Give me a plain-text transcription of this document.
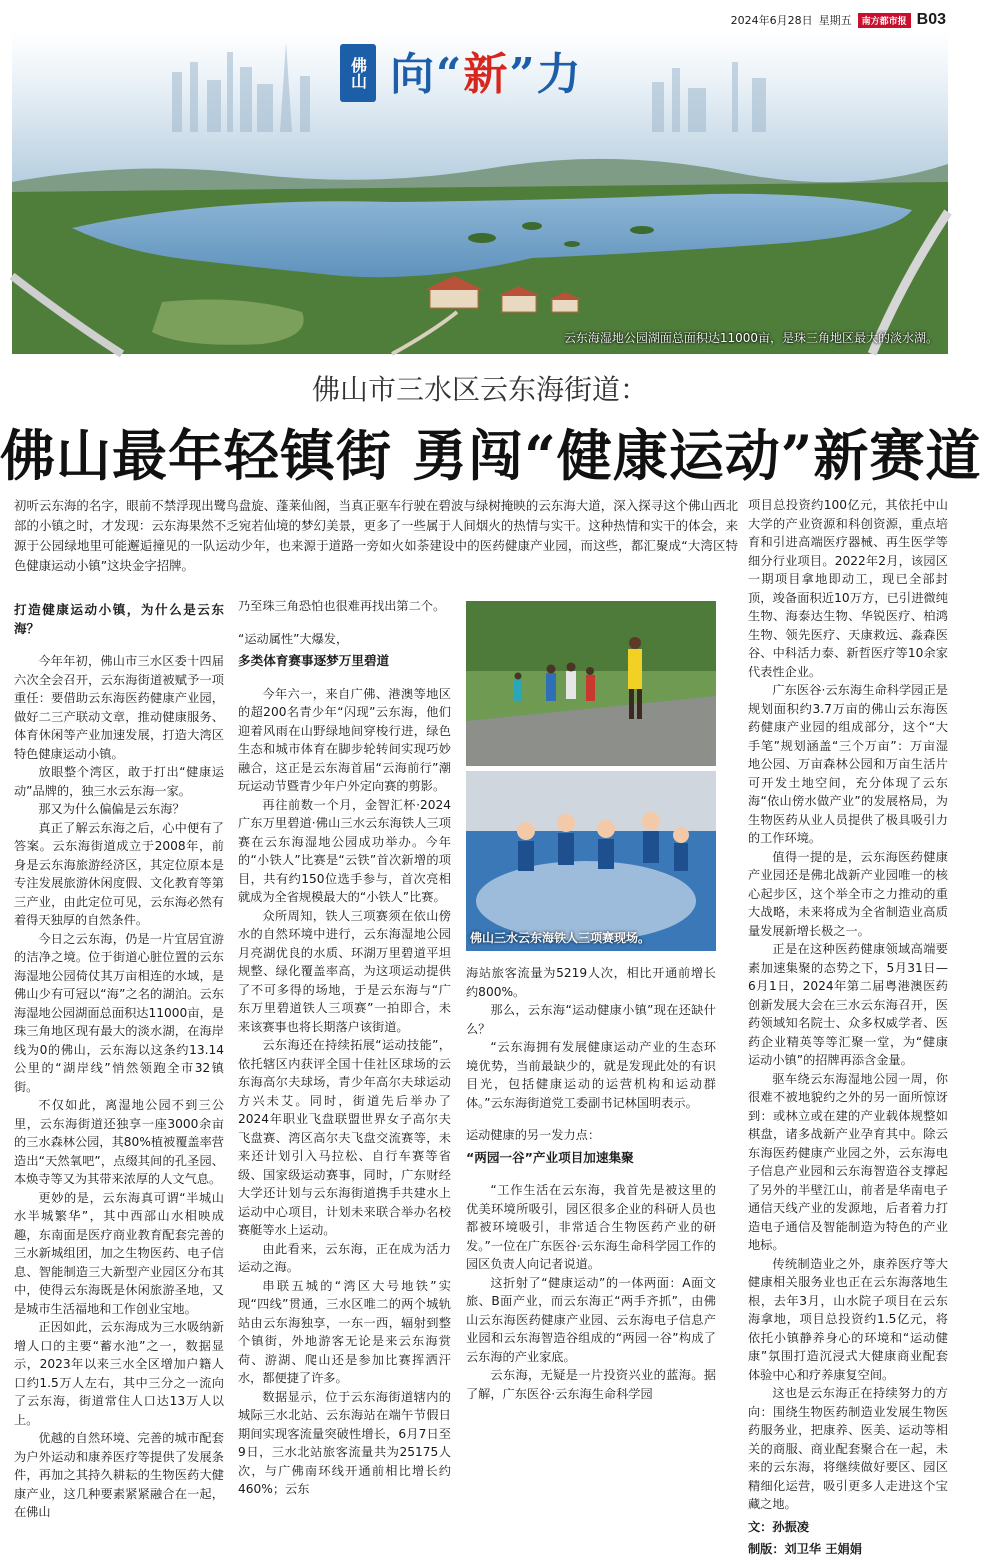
2024年6月28日 星期五	南方都市报 B03
佛山 向“新”力
云东海湿地公园湖面总面积达11000亩，是珠三角地区最大的淡水湖。
佛山市三水区云东海街道：
佛山最年轻镇街 勇闯“健康运动”新赛道
初听云东海的名字，眼前不禁浮现出鹭鸟盘旋、蓬莱仙阁，当真正驱车行驶在碧波与绿树掩映的云东海大道，深入探寻这个佛山西北部的小镇之时，才发现：云东海果然不乏宛若仙境的梦幻美景，更多了一些属于人间烟火的热情与实干。这种热情和实干的体会，来源于公园绿地里可能邂逅撞见的一队运动少年，也来源于道路一旁如火如荼建设中的医药健康产业园，而这些，都汇聚成“大湾区特色健康运动小镇”这块金字招牌。
打造健康运动小镇，为什么是云东海？

今年年初，佛山市三水区委十四届六次全会召开，云东海街道被赋予一项重任：要借助云东海医药健康产业园，做好二三产联动文章，推动健康服务、体育休闲等产业加速发展，打造大湾区特色健康运动小镇。

放眼整个湾区，敢于打出“健康运动”品牌的，独三水云东海一家。

那又为什么偏偏是云东海？

真正了解云东海之后，心中便有了答案。云东海街道成立于2008年，前身是云东海旅游经济区，其定位原本是专注发展旅游休闲度假、文化教育等第三产业，由此定位可见，云东海必然有着得天独厚的自然条件。

今日之云东海，仍是一片宜居宜游的洁净之境。位于街道心脏位置的云东海湿地公园倚仗其万亩相连的水域，是佛山少有可冠以“海”之名的湖泊。云东海湿地公园湖面总面积达11000亩，是珠三角地区现有最大的淡水湖，在海岸线为0的佛山，云东海以这条约13.14公里的“湖岸线”悄然领跑全市32镇街。

不仅如此，离湿地公园不到三公里，云东海街道还独享一座3000余亩的三水森林公园，其80%植被覆盖率营造出“天然氧吧”，点缀其间的孔圣园、本焕寺等又为其带来浓厚的人文气息。

更妙的是，云东海真可谓“半城山水半城繁华”，其中西部山水相映成趣，东南面是医疗商业教育配套完善的三水新城组团，加之生物医药、电子信息、智能制造三大新型产业园区分布其中，使得云东海既是休闲旅游圣地，又是城市生活福地和工作创业宝地。

正因如此，云东海成为三水吸纳新增人口的主要“蓄水池”之一，数据显示，2023年以来三水全区增加户籍人口约1.5万人左右，其中三分之一流向了云东海，街道常住人口达13万人以上。

优越的自然环境、完善的城市配套为户外运动和康养医疗等提供了发展条件，再加之其持久耕耘的生物医药大健康产业，这几种要素紧紧融合在一起，在佛山

乃至珠三角恐怕也很难再找出第二个。

“运动属性”大爆发，

多类体育赛事逐梦万里碧道

今年六一，来自广佛、港澳等地区的超200名青少年“闪现”云东海，他们迎着风雨在山野绿地间穿梭行进，绿色生态和城市体育在脚步轮转间实现巧妙融合，这正是云东海首届“云海前行”潮玩运动节暨青少年户外定向赛的剪影。

再往前数一个月，金智汇杯·2024广东万里碧道·佛山三水云东海铁人三项赛在云东海湿地公园成功举办。今年的“小铁人”比赛是“云铁”首次新增的项目，共有约150位选手参与，首次亮相就成为全省规模最大的“小铁人”比赛。

众所周知，铁人三项赛须在依山傍水的自然环境中进行，云东海湿地公园月亮湖优良的水质、环湖万里碧道平坦规整、绿化覆盖率高，为这项运动提供了不可多得的场地，于是云东海与“广东万里碧道铁人三项赛”一拍即合，未来该赛事也将长期落户该街道。

云东海还在持续拓展“运动技能”，依托辖区内获评全国十佳社区球场的云东海高尔夫球场，青少年高尔夫球运动方兴未艾。同时，街道先后举办了2024年职业飞盘联盟世界女子高尔夫飞盘赛、湾区高尔夫飞盘交流赛等，未来还计划引入马拉松、自行车赛等省级、国家级运动赛事，同时，广东财经大学还计划与云东海街道携手共建水上运动中心项目，计划未来联合举办名校赛艇等水上运动。

由此看来，云东海，正在成为活力运动之海。

串联五城的“湾区大号地铁”实现“四线”贯通，三水区唯二的两个城轨站由云东海独享，一东一西，辐射到整个镇街，外地游客无论是来云东海赏荷、游湖、爬山还是参加比赛挥洒汗水，都便捷了许多。

数据显示，位于云东海街道辖内的城际三水北站、云东海站在端午节假日期间实现客流量突破性增长，6月7日至9日，三水北站旅客流量共为25175人次，与广佛南环线开通前相比增长约460%；云东

佛山三水云东海铁人三项赛现场。

海站旅客流量为5219人次，相比开通前增长约800%。

那么，云东海“运动健康小镇”现在还缺什么？

“云东海拥有发展健康运动产业的生态环境优势，当前最缺少的，就是发现此处的有识目光，包括健康运动的运营机构和运动群体。”云东海街道党工委副书记林国明表示。

运动健康的另一发力点：

“两园一谷”产业项目加速集聚

“工作生活在云东海，我首先是被这里的优美环境所吸引，园区很多企业的科研人员也都被环境吸引，非常适合生物医药产业的研发。”一位在广东医谷·云东海生命科学园工作的园区负责人向记者说道。

这折射了“健康运动”的一体两面：A面文旅、B面产业，而云东海正“两手齐抓”，由佛山云东海医药健康产业园、云东海电子信息产业园和云东海智造谷组成的“两园一谷”构成了云东海的产业家底。

云东海，无疑是一片投资兴业的蓝海。据了解，广东医谷·云东海生命科学园

项目总投资约100亿元，其依托中山大学的产业资源和科创资源，重点培育和引进高端医疗器械、再生医学等细分行业项目。2022年2月，该园区一期项目拿地即动工，现已全部封顶，竣备面积近10万方，已引进微纯生物、海泰达生物、华锐医疗、柏鸿生物、领先医疗、天康救远、淼森医谷、中科活力泰、新哲医疗等10余家代表性企业。

广东医谷·云东海生命科学园正是规划面积约3.7万亩的佛山云东海医药健康产业园的组成部分，这个“大手笔”规划涵盖“三个万亩”：万亩湿地公园、万亩森林公园和万亩生活片可开发土地空间，充分体现了云东海“依山傍水做产业”的发展格局，为生物医药从业人员提供了极具吸引力的工作环境。

值得一提的是，云东海医药健康产业园还是佛北战新产业园唯一的核心起步区，这个举全市之力推动的重大战略，未来将成为全省制造业高质量发展新增长极之一。

正是在这种医药健康领域高端要素加速集聚的态势之下，5月31日—6月1日，2024年第二届粤港澳医药创新发展大会在三水云东海召开，医药领域知名院士、众多权威学者、医药企业精英等等汇聚一堂，为“健康运动小镇”的招牌再添含金量。

驱车绕云东海湿地公园一周，你很难不被地貌约之外的另一面所惊讶到：或林立或在建的产业载体规整如棋盘，诸多战新产业孕育其中。除云东海医药健康产业园之外，云东海电子信息产业园和云东海智造谷支撑起了另外的半壁江山，前者是华南电子通信天线产业的发源地，后者着力打造电子通信及智能制造为特色的产业地标。

传统制造业之外，康养医疗等大健康相关服务业也正在云东海落地生根，去年3月，山水院子项目在云东海拿地，项目总投资约1.5亿元，将依托小镇静养身心的环境和“运动健康”氛围打造沉浸式大健康商业配套体验中心和疗养康复空间。

这也是云东海正在持续努力的方向：围绕生物医药制造业发展生物医药服务业，把康养、医美、运动等相关的商服、商业配套聚合在一起，未来的云东海，将继续做好要区、园区精细化运营，吸引更多人走进这个宝藏之地。

文：孙振凌

制版：刘卫华 王娟娟
